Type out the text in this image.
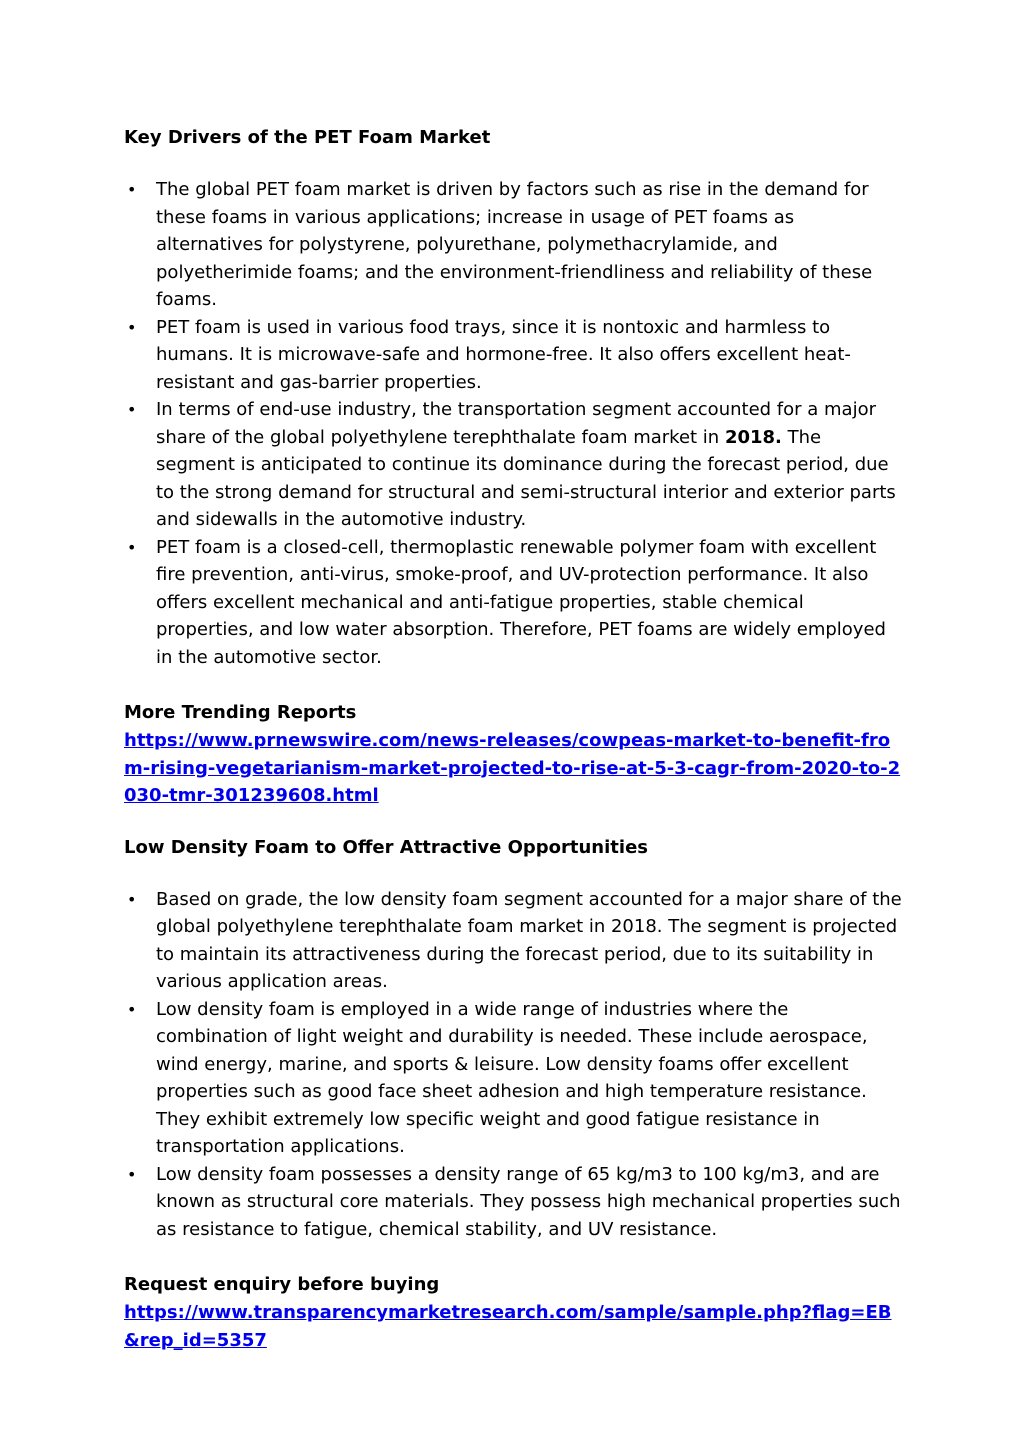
Key Drivers of the PET Foam Market
• The global PET foam market is driven by factors such as rise in the demand for these foams in various applications; increase in usage of PET foams as alternatives for polystyrene, polyurethane, polymethacrylamide, and polyetherimide foams; and the environment-friendliness and reliability of these foams.
• PET foam is used in various food trays, since it is nontoxic and harmless to humans. It is microwave-safe and hormone-free. It also offers excellent heat-resistant and gas-barrier properties.
• In terms of end-use industry, the transportation segment accounted for a major share of the global polyethylene terephthalate foam market in 2018. The segment is anticipated to continue its dominance during the forecast period, due to the strong demand for structural and semi-structural interior and exterior parts and sidewalls in the automotive industry.
• PET foam is a closed-cell, thermoplastic renewable polymer foam with excellent fire prevention, anti-virus, smoke-proof, and UV-protection performance. It also offers excellent mechanical and anti-fatigue properties, stable chemical properties, and low water absorption. Therefore, PET foams are widely employed in the automotive sector.
More Trending Reports
https://www.prnewswire.com/news-releases/cowpeas-market-to-benefit-from-rising-vegetarianism-market-projected-to-rise-at-5-3-cagr-from-2020-to-2030-tmr-301239608.html
Low Density Foam to Offer Attractive Opportunities
• Based on grade, the low density foam segment accounted for a major share of the global polyethylene terephthalate foam market in 2018. The segment is projected to maintain its attractiveness during the forecast period, due to its suitability in various application areas.
• Low density foam is employed in a wide range of industries where the combination of light weight and durability is needed. These include aerospace, wind energy, marine, and sports & leisure. Low density foams offer excellent properties such as good face sheet adhesion and high temperature resistance. They exhibit extremely low specific weight and good fatigue resistance in transportation applications.
• Low density foam possesses a density range of 65 kg/m3 to 100 kg/m3, and are known as structural core materials. They possess high mechanical properties such as resistance to fatigue, chemical stability, and UV resistance.
Request enquiry before buying
https://www.transparencymarketresearch.com/sample/sample.php?flag=EB&rep_id=5357
